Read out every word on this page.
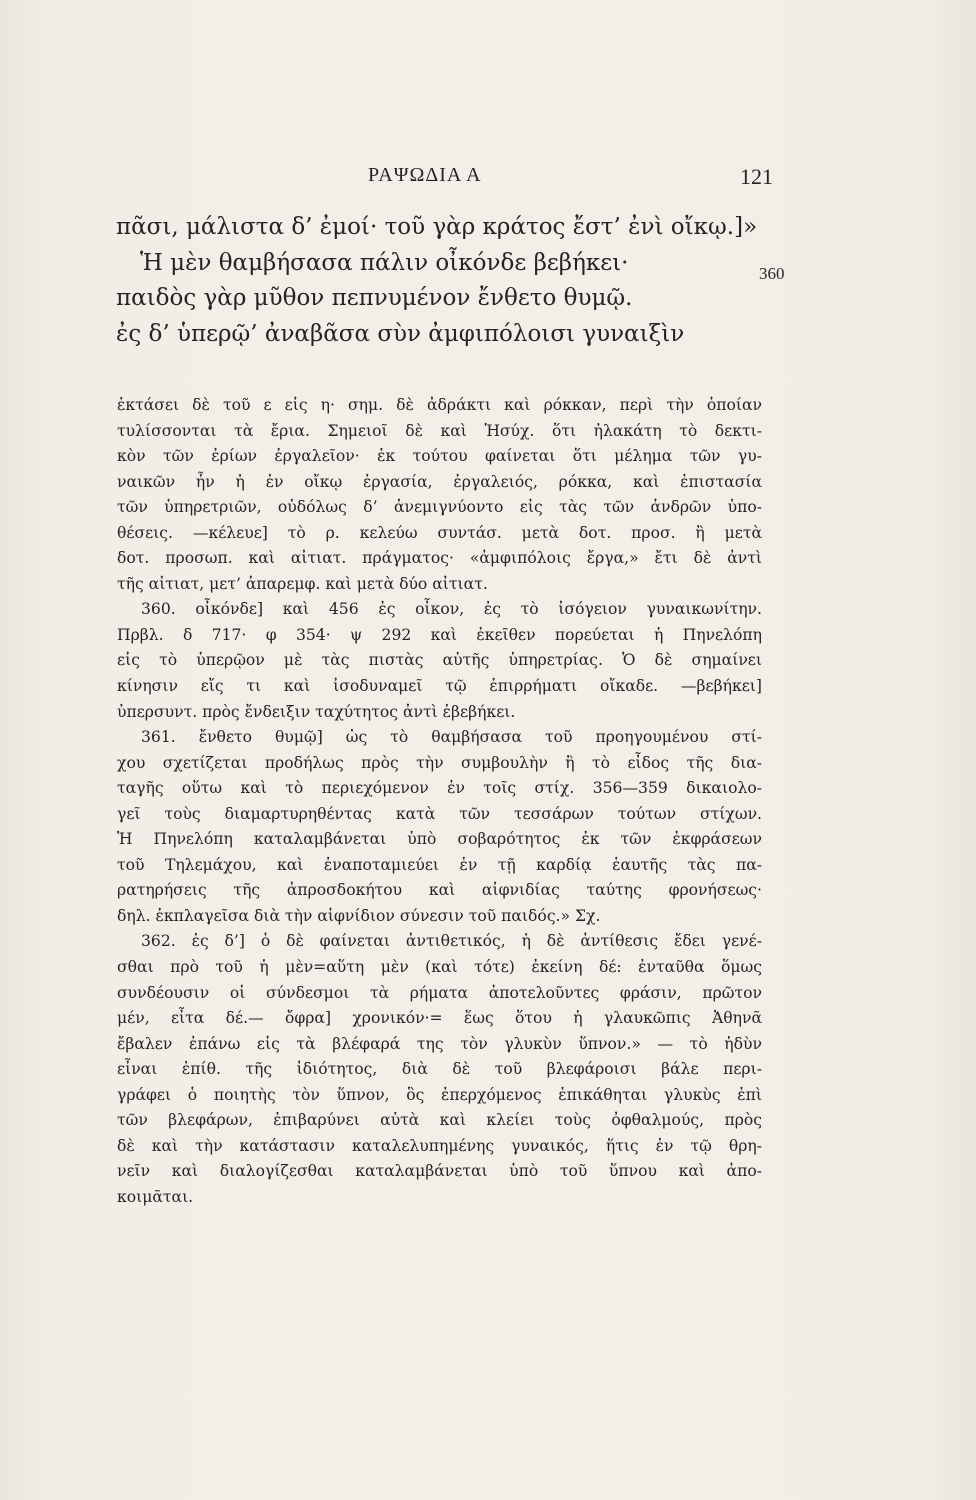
ΡΑΨΩΔΙΑ Α	121
πᾶσι, μάλιστα δ’ ἐμοί· τοῦ γὰρ κράτος ἔστ’ ἐνὶ οἴκῳ.]»
Ἡ μὲν θαμβήσασα πάλιν οἶκόνδε βεβήκει·
παιδὸς γὰρ μῦθον πεπνυμένον ἔνθετο θυμῷ.
ἐς δ’ ὑπερῷ’ ἀναβᾶσα σὺν ἀμφιπόλοισι γυναιξὶν
360
ἐκτάσει δὲ τοῦ ε εἰς η· σημ. δὲ ἀδράκτι καὶ ρόκκαν, περὶ τὴν ὁποίαν
τυλίσσονται τὰ ἔρια. Σημειοῖ δὲ καὶ Ἡσύχ. ὅτι ἠλακάτη τὸ δεκτι-
κὸν τῶν ἐρίων ἐργαλεῖον· ἐκ τούτου φαίνεται ὅτι μέλημα τῶν γυ-
ναικῶν ἦν ἡ ἐν οἴκῳ ἐργασία, ἐργαλειός, ρόκκα, καὶ ἐπιστασία
τῶν ὑπηρετριῶν, οὐδόλως δ’ ἀνεμιγνύοντο εἰς τὰς τῶν ἀνδρῶν ὑπο-
θέσεις. —κέλευε] τὸ ρ. κελεύω συντάσ. μετὰ δοτ. προσ. ἢ μετὰ
δοτ. προσωπ. καὶ αἰτιατ. πράγματος· «ἀμφιπόλοις ἔργα,» ἔτι δὲ ἀντὶ
τῆς αἰτιατ, μετ’ ἀπαρεμφ. καὶ μετὰ δύο αἰτιατ.
360. οἶκόνδε] καὶ 456 ἐς οἶκον, ἐς τὸ ἰσόγειον γυναικωνίτην.
Πρβλ. δ 717· φ 354· ψ 292 καὶ ἐκεῖθεν πορεύεται ἡ Πηνελόπη
εἰς τὸ ὑπερῷον μὲ τὰς πιστὰς αὐτῆς ὑπηρετρίας. Ὁ δὲ σημαίνει
κίνησιν εἴς τι καὶ ἰσοδυναμεῖ τῷ ἐπιρρήματι οἴκαδε. —βεβήκει]
ὑπερσυντ. πρὸς ἔνδειξιν ταχύτητος ἀντὶ ἐβεβήκει.
361. ἔνθετο θυμῷ] ὡς τὸ θαμβήσασα τοῦ προηγουμένου στί-
χου σχετίζεται προδήλως πρὸς τὴν συμβουλὴν ἢ τὸ εἶδος τῆς δια-
ταγῆς οὕτω καὶ τὸ περιεχόμενον ἐν τοῖς στίχ. 356—359 δικαιολο-
γεῖ τοὺς διαμαρτυρηθέντας κατὰ τῶν τεσσάρων τούτων στίχων.
Ἡ Πηνελόπη καταλαμβάνεται ὑπὸ σοβαρότητος ἐκ τῶν ἐκφράσεων
τοῦ Τηλεμάχου, καὶ ἐναποταμιεύει ἐν τῇ καρδίᾳ ἑαυτῆς τὰς πα-
ρατηρήσεις τῆς ἀπροσδοκήτου καὶ αἰφνιδίας ταύτης φρονήσεως·
δηλ. ἐκπλαγεῖσα διὰ τὴν αἰφνίδιον σύνεσιν τοῦ παιδός.» Σχ.
362. ἐς δ’] ὁ δὲ φαίνεται ἀντιθετικός, ἡ δὲ ἀντίθεσις ἔδει γενέ-
σθαι πρὸ τοῦ ἡ μὲν=αὕτη μὲν (καὶ τότε) ἐκείνη δέ: ἐνταῦθα ὅμως
συνδέουσιν οἱ σύνδεσμοι τὰ ρήματα ἀποτελοῦντες φράσιν, πρῶτον
μέν, εἶτα δέ.— ὄφρα] χρονικόν·= ἕως ὅτου ἡ γλαυκῶπις Ἀθηνᾶ
ἔβαλεν ἐπάνω εἰς τὰ βλέφαρά της τὸν γλυκὺν ὕπνον.» — τὸ ἡδὺν
εἶναι ἐπίθ. τῆς ἰδιότητος, διὰ δὲ τοῦ βλεφάροισι βάλε περι-
γράφει ὁ ποιητὴς τὸν ὕπνον, ὃς ἐπερχόμενος ἐπικάθηται γλυκὺς ἐπὶ
τῶν βλεφάρων, ἐπιβαρύνει αὐτὰ καὶ κλείει τοὺς ὀφθαλμούς, πρὸς
δὲ καὶ τὴν κατάστασιν καταλελυπημένης γυναικός, ἥτις ἐν τῷ θρη-
νεῖν καὶ διαλογίζεσθαι καταλαμβάνεται ὑπὸ τοῦ ὕπνου καὶ ἀπο-
κοιμᾶται.
